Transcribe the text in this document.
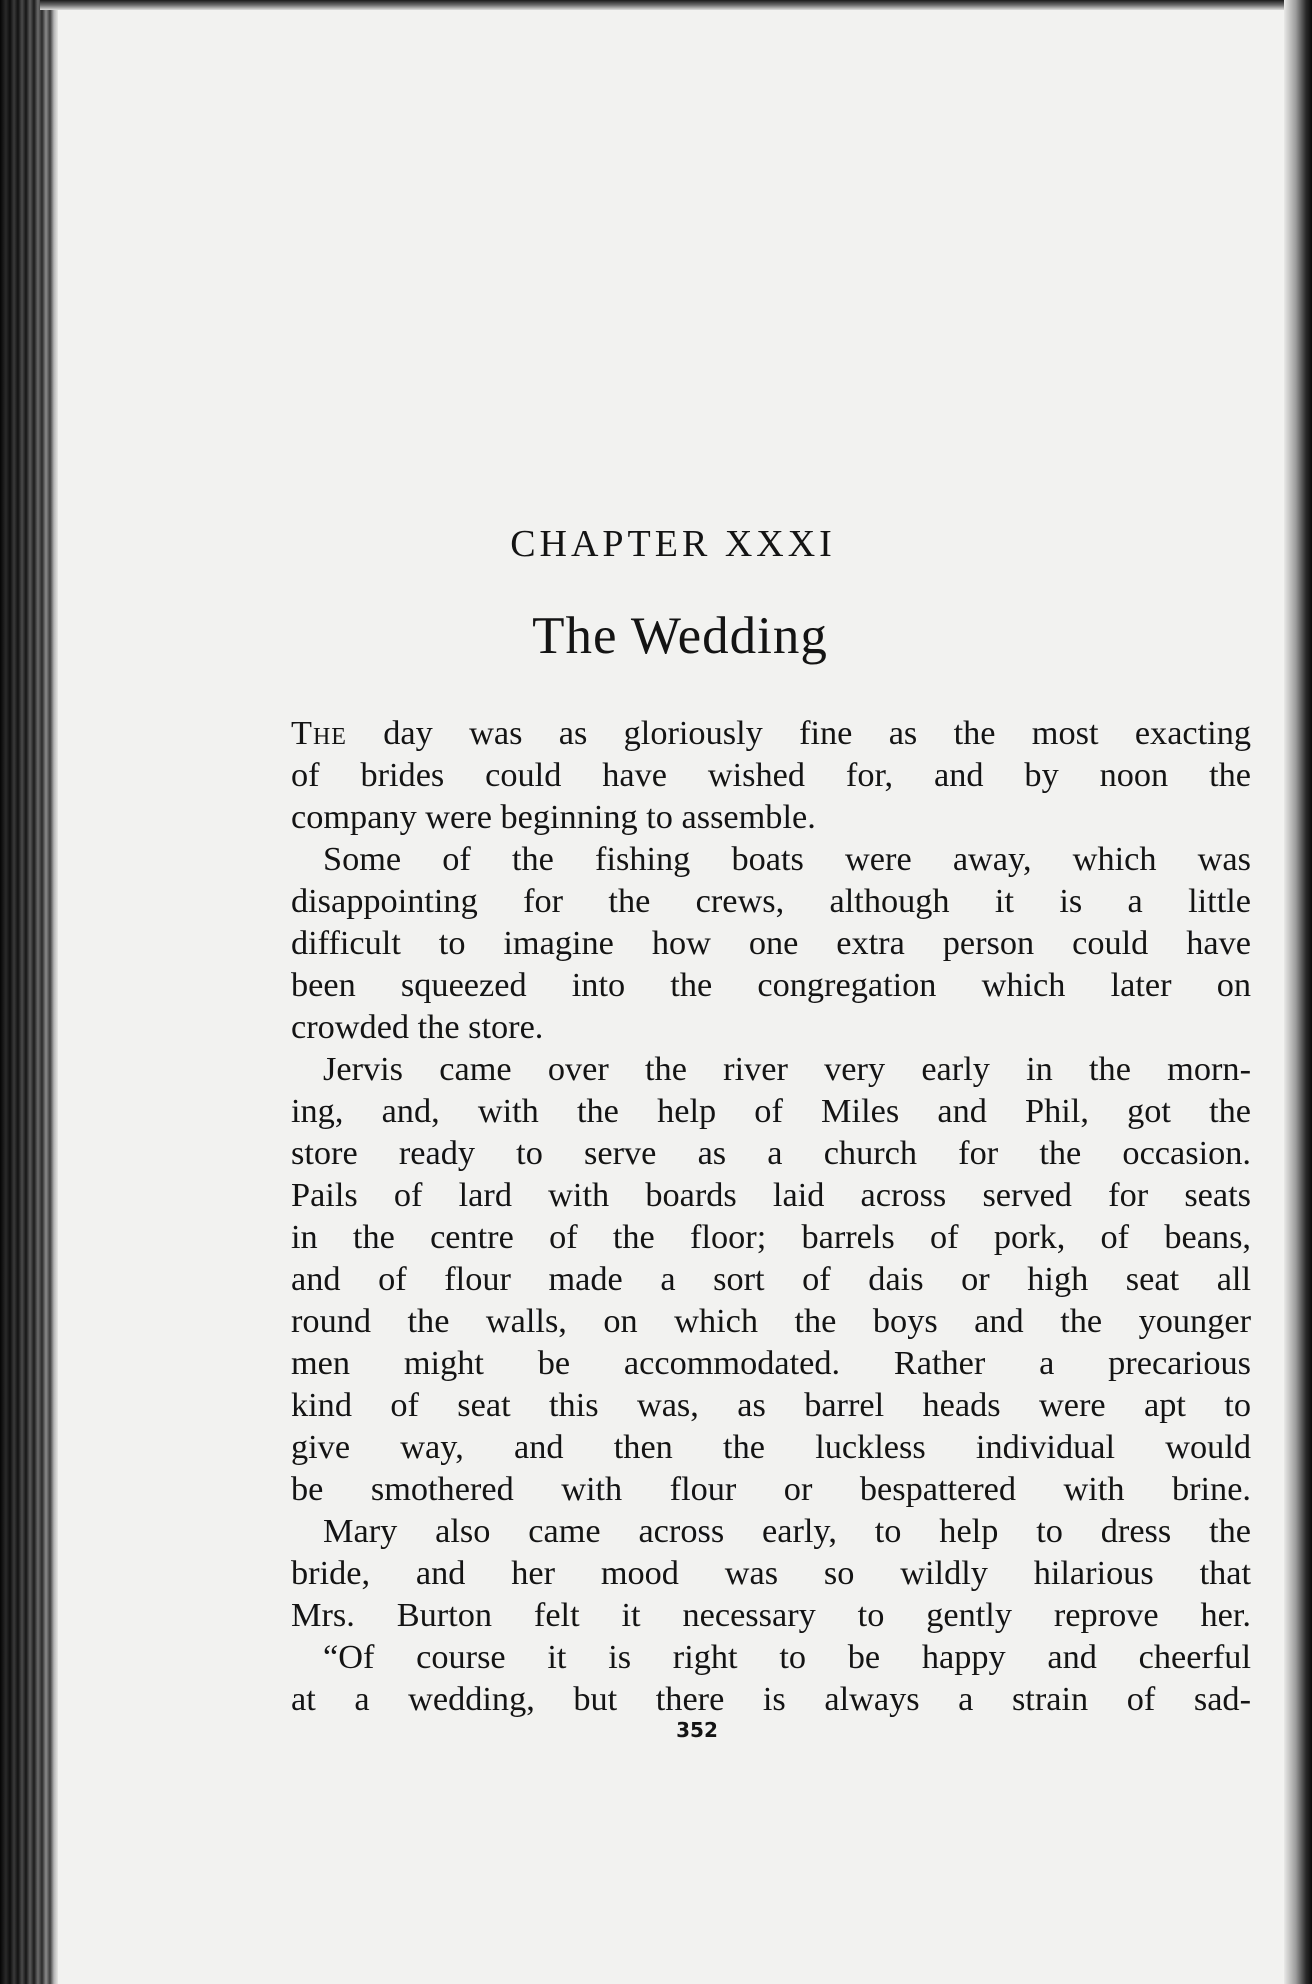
CHAPTER XXXI
The Wedding
The day was as gloriously fine as the most exacting
of brides could have wished for, and by noon the
company were beginning to assemble.
Some of the fishing boats were away, which was
disappointing for the crews, although it is a little
difficult to imagine how one extra person could have
been squeezed into the congregation which later on
crowded the store.
Jervis came over the river very early in the morn-
ing, and, with the help of Miles and Phil, got the
store ready to serve as a church for the occasion.
Pails of lard with boards laid across served for seats
in the centre of the floor; barrels of pork, of beans,
and of flour made a sort of dais or high seat all
round the walls, on which the boys and the younger
men might be accommodated. Rather a precarious
kind of seat this was, as barrel heads were apt to
give way, and then the luckless individual would
be smothered with flour or bespattered with brine.
Mary also came across early, to help to dress the
bride, and her mood was so wildly hilarious that
Mrs. Burton felt it necessary to gently reprove her.
“Of course it is right to be happy and cheerful
at a wedding, but there is always a strain of sad-
352
